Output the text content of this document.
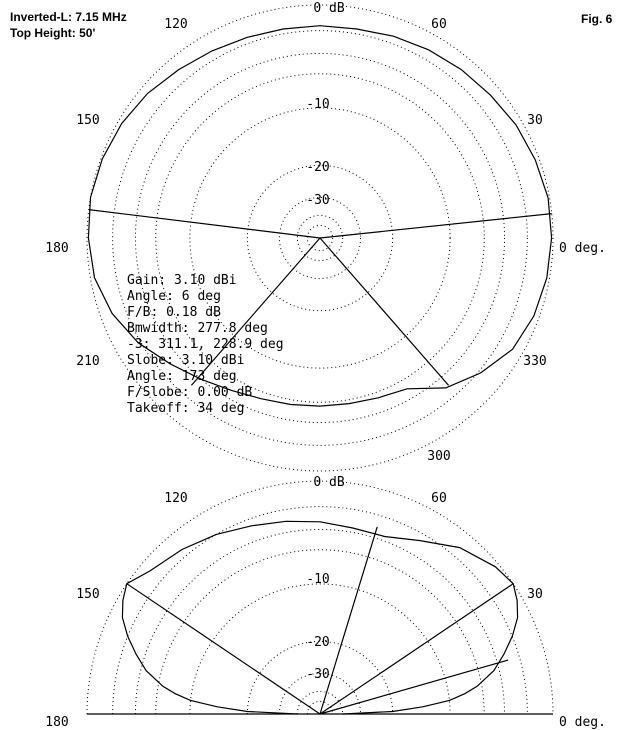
Inverted-L: 7.15 MHz
Top Height: 50'
Fig. 6
0 dB
-10
-20
-30
0 deg.
30
60
120
150
180
210
300
330
0 dB
-10
-20
-30
0 deg.
30
60
120
150
180
Gain: 3.10 dBi
Angle: 6 deg
F/B: 0.18 dB
Bmwidth: 277.8 deg
-3: 311.1, 228.9 deg
Slobe: 3.10 dBi
Angle: 173 deg
F/Slobe: 0.00 dB
Takeoff: 34 deg
